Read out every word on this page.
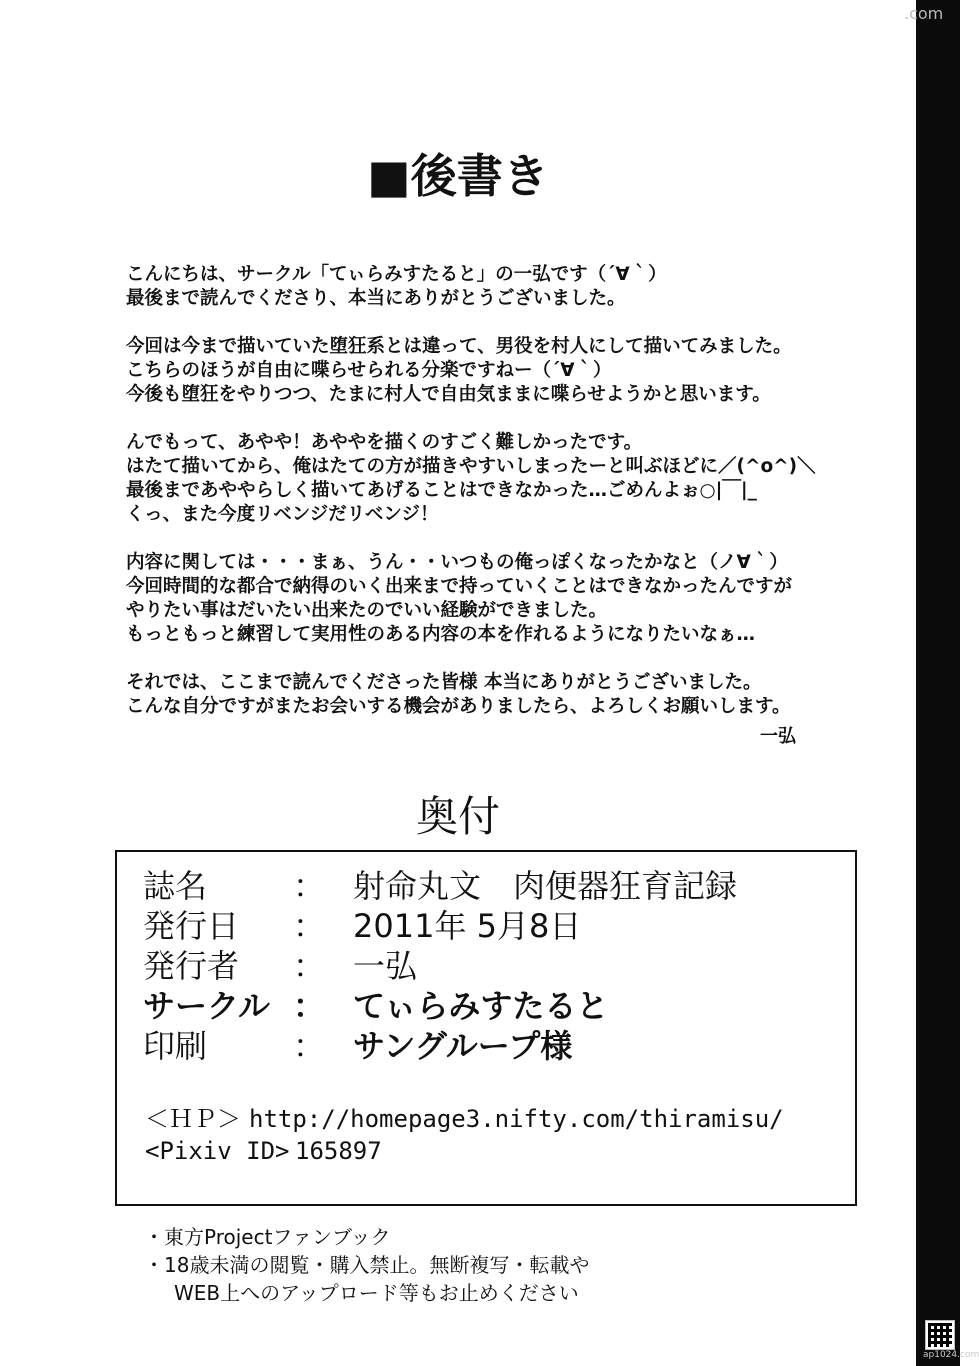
.com
ap1024.com
■後書き
こんにちは、サークル「てぃらみすたると」の一弘です（´∀｀）
最後まで読んでくださり、本当にありがとうございました。
今回は今まで描いていた堕狂系とは違って、男役を村人にして描いてみました。
こちらのほうが自由に喋らせられる分楽ですねー（´∀｀）
今後も堕狂をやりつつ、たまに村人で自由気ままに喋らせようかと思います。
んでもって、あやや！あややを描くのすごく難しかったです。
はたて描いてから、俺はたての方が描きやすいしまったーと叫ぶほどに／(^o^)＼
最後まであややらしく描いてあげることはできなかった…ごめんよぉ○|￣|_
くっ、また今度リベンジだリベンジ！
内容に関しては・・・まぁ、うん・・いつもの俺っぽくなったかなと（ノ∀｀）
今回時間的な都合で納得のいく出来まで持っていくことはできなかったんですが
やりたい事はだいたい出来たのでいい経験ができました。
もっともっと練習して実用性のある内容の本を作れるようになりたいなぁ…
それでは、ここまで読んでくださった皆様 本当にありがとうございました。
こんな自分ですがまたお会いする機会がありましたら、よろしくお願いします。
一弘
奥付
誌名	： 射命丸文　肉便器狂育記録
発行日 ： 2011年 5月8日
発行者 ： 一弘
サークル ： てぃらみすたると
印刷	： サングループ様
＜ＨＰ＞ http://homepage3.nifty.com/thiramisu/
<Pixiv ID> 165897
・東方Projectファンブック
・18歳未満の閲覧・購入禁止。無断複写・転載や
WEB上へのアップロード等もお止めください
